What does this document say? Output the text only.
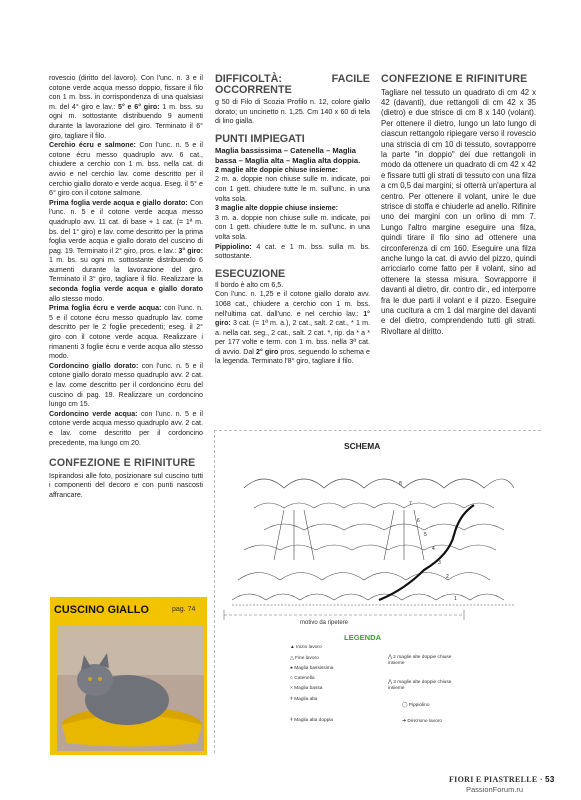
rovescio (diritto del lavoro). Con l'unc. n. 3 e il cotone verde acqua messo doppio, fissare il filo con 1 m. bss. in corrispondenza di una qualsiasi m. del 4° giro e lav.: 5° e 6° giro: 1 m. bss. su ogni m. sottostante distribuendo 9 aumenti durante la lavorazione del giro. Terminato il 6° giro, tagliare il filo.

Cerchio écru e salmone: Con l'unc. n. 5 e il cotone écru messo quadruplo avv. 6 cat., chiudere a cerchio con 1 m. bss. nella cat. di avvio e nel cerchio lav. come descritto per il cerchio giallo dorato e verde acqua. Eseg. il 5° e 6° giro con il cotone salmone.

Prima foglia verde acqua e giallo dorato: Con l'unc. n. 5 e il cotone verde acqua messo quadruplo avv. 11 cat. di base + 1 cat. (= 1ª m. bs. del 1° giro) e lav. come descritto per la prima foglia verde acqua e giallo dorato del cuscino di pag. 19. Terminato il 2° giro, pros. e lav.: 3° giro: 1 m. bs. su ogni m. sottostante distribuendo 6 aumenti durante la lavorazione del giro. Terminato il 3° giro, tagliare il filo. Realizzare la seconda foglia verde acqua e giallo dorato allo stesso modo.

Prima foglia écru e verde acqua: con l'unc. n. 5 e il cotone écru messo quadruplo lav. come descritto per le 2 foglie precedenti; eseg. il 2° giro con il cotone verde acqua. Realizzare i rimanenti 3 foglie écru e verde acqua allo stesso modo.

Cordoncino giallo dorato: con l'unc. n. 5 e il cotone giallo dorato messo quadruplo avv. 2 cat. e lav. come descritto per il cordoncino écru del cuscino di pag. 19. Realizzare un cordoncino lungo cm 15.

Cordoncino verde acqua: con l'unc. n. 5 e il cotone verde acqua messo quadruplo avv. 2 cat. e lav. come descritto per il cordoncino precedente, ma lungo cm 20.

CONFEZIONE E RIFINITURE

Ispirandosi alle foto, posizionare sul cuscino tutti i componenti del decoro e con punti nascosti affrancare.

DIFFICOLTÀ: FACILE OCCORRENTE

g 50 di Filo di Scozia Profilo n. 12, colore giallo dorato; un uncinetto n. 1,25. Cm 140 x 60 di tela di lino gialla.

PUNTI IMPIEGATI

Maglia bassissima – Catenella – Maglia bassa – Maglia alta – Maglia alta doppia.

2 maglie alte doppie chiuse insieme:
2 m. a. doppie non chiuse sulle m. indicate, poi con 1 gett. chiudere tutte le m. sull'unc. in una volta sola.

3 maglie alte doppie chiuse insieme:
3 m. a. doppie non chiuse sulle m. indicate, poi con 1 gett. chiudere tutte le m. sull'unc. in una volta sola.

Pippiolino: 4 cat. e 1 m. bss. sulla m. bs. sottostante.

ESECUZIONE

Il bordo è alto cm 6,5.

Con l'unc. n. 1,25 e il cotone giallo dorato avv. 1068 cat., chiudere a cerchio con 1 m. bss. nell'ultima cat. dall'unc. e nel cerchio lav.: 1° giro: 3 cat. (= 1ª m. a.), 2 cat., salt. 2 cat., * 1 m. a. nella cat. seg., 2 cat., salt. 2 cat. *, rip. da * a * per 177 volte e term. con 1 m. bss. nella 3ª cat. di avvio. Dal 2° giro pros. seguendo lo schema e la legenda. Terminato l'8° giro, tagliare il filo.

CONFEZIONE E RIFINITURE

Tagliare nel tessuto un quadrato di cm 42 x 42 (davanti), due rettangoli di cm 42 x 35 (dietro) e due strisce di cm 8 x 140 (volant). Per ottenere il dietro, lungo un lato lungo di ciascun rettangolo ripiegare verso il rovescio una striscia di cm 10 di tessuto, sovrapporre la parte "in doppio" dei due rettangoli in modo da ottenere un quadrato di cm 42 x 42 e fissare tutti gli strati di tessuto con una filza a cm 0,5 dai margini; si otterrà un'apertura al centro. Per ottenere il volant, unire le due strisce di stoffa e chiuderle ad anello. Rifinire uno dei margini con un orlino di mm 7. Lungo l'altro margine eseguire una filza, quindi tirare il filo sino ad ottenere una circonferenza di cm 160. Eseguire una filza anche lungo la cat. di avvio del pizzo, quindi arricciarlo come fatto per il volant, sino ad ottenere la stessa misura. Sovrapporre il davanti al dietro, dir. contro dir., ed interporre fra le due parti il volant e il pizzo. Eseguire una cucitura a cm 1 dal margine del davanti e del dietro, comprendendo tutti gli strati. Rivoltare al diritto.

SCHEMA
8
7
6
5
4
3
2
1
motivo da ripetere
LEGENDA
▲ Inizio lavoro
△ Fine lavoro
● Maglia bassissima
○ Catenella
× Maglia bassa
ǂ Maglia alta
ǂ Maglia alta doppia
⋀ 2 maglie alte doppie chiuse insieme
⋀ 3 maglie alte doppie chiuse insieme
◯ Pippiolino
➜ Direzione lavoro
CUSCINO GIALLO	pag. 74
FIORI E PIASTRELLE · 53
PassionForum.ru
